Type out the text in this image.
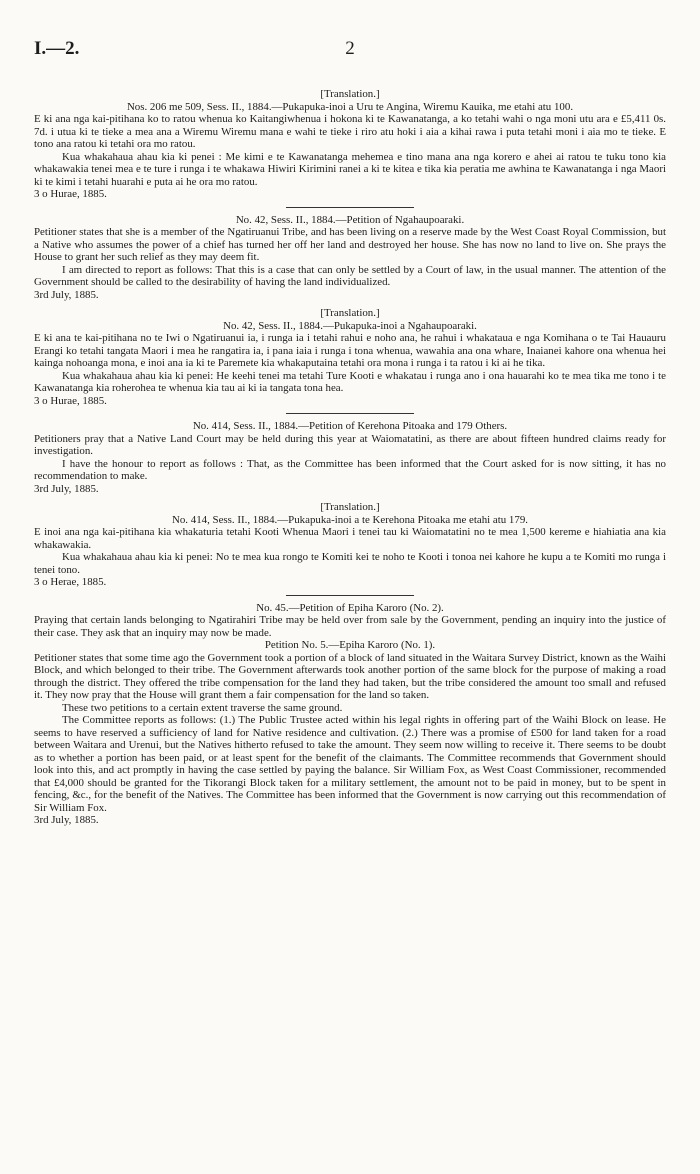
I.—2.	2

[Translation.]

Nos. 206 me 509, Sess. II., 1884.—Pukapuka-inoi a Uru te Angina, Wiremu Kauika, me etahi atu 100.

E ki ana nga kai-pitihana ko to ratou whenua ko Kaitangiwhenua i hokona ki te Kawanatanga, a ko tetahi wahi o nga moni utu ara e £5,411 0s. 7d. i utua ki te tieke a mea ana a Wiremu Wiremu mana e wahi te tieke i riro atu hoki i aia a kihai rawa i puta tetahi moni i aia mo te tieke. E tono ana ratou ki tetahi ora mo ratou.

Kua whakahaua ahau kia ki penei : Me kimi e te Kawanatanga mehemea e tino mana ana nga korero e ahei ai ratou te tuku tono kia whakawakia tenei mea e te ture i runga i te whakawa Hiwiri Kirimini ranei a ki te kitea e tika kia peratia me awhina te Kawanatanga i nga Maori ki te kimi i tetahi huarahi e puta ai he ora mo ratou.

3 o Hurae, 1885.

No. 42, Sess. II., 1884.—Petition of Ngahaupoaraki.

Petitioner states that she is a member of the Ngatiruanui Tribe, and has been living on a reserve made by the West Coast Royal Commission, but a Native who assumes the power of a chief has turned her off her land and destroyed her house. She has now no land to live on. She prays the House to grant her such relief as they may deem fit.

I am directed to report as follows: That this is a case that can only be settled by a Court of law, in the usual manner. The attention of the Government should be called to the desirability of having the land individualized.

3rd July, 1885.

[Translation.]

No. 42, Sess. II., 1884.—Pukapuka-inoi a Ngahaupoaraki.

E ki ana te kai-pitihana no te Iwi o Ngatiruanui ia, i runga ia i tetahi rahui e noho ana, he rahui i whakataua e nga Komihana o te Tai Hauauru Erangi ko tetahi tangata Maori i mea he rangatira ia, i pana iaia i runga i tona whenua, wawahia ana ona whare, Inaianei kahore ona whenua hei kainga nohoanga mona, e inoi ana ia ki te Paremete kia whakaputaina tetahi ora mona i runga i ta ratou i ki ai he tika.

Kua whakahaua ahau kia ki penei: He keehi tenei ma tetahi Ture Kooti e whakatau i runga ano i ona hauarahi ko te mea tika me tono i te Kawanatanga kia roherohea te whenua kia tau ai ki ia tangata tona hea.

3 o Hurae, 1885.

No. 414, Sess. II., 1884.—Petition of Kerehona Pitoaka and 179 Others.

Petitioners pray that a Native Land Court may be held during this year at Waiomatatini, as there are about fifteen hundred claims ready for investigation.

I have the honour to report as follows : That, as the Committee has been informed that the Court asked for is now sitting, it has no recommendation to make.

3rd July, 1885.

[Translation.]

No. 414, Sess. II., 1884.—Pukapuka-inoi a te Kerehona Pitoaka me etahi atu 179.

E inoi ana nga kai-pitihana kia whakaturia tetahi Kooti Whenua Maori i tenei tau ki Waiomatatini no te mea 1,500 kereme e hiahiatia ana kia whakawakia.

Kua whakahaua ahau kia ki penei: No te mea kua rongo te Komiti kei te noho te Kooti i tonoa nei kahore he kupu a te Komiti mo runga i tenei tono.

3 o Herae, 1885.

No. 45.—Petition of Epiha Karoro (No. 2).

Praying that certain lands belonging to Ngatirahiri Tribe may be held over from sale by the Government, pending an inquiry into the justice of their case. They ask that an inquiry may now be made.

Petition No. 5.—Epiha Karoro (No. 1).

Petitioner states that some time ago the Government took a portion of a block of land situated in the Waitara Survey District, known as the Waihi Block, and which belonged to their tribe. The Government afterwards took another portion of the same block for the purpose of making a road through the district. They offered the tribe compensation for the land they had taken, but the tribe considered the amount too small and refused it. They now pray that the House will grant them a fair compensation for the land so taken.

These two petitions to a certain extent traverse the same ground.

The Committee reports as follows: (1.) The Public Trustee acted within his legal rights in offering part of the Waihi Block on lease. He seems to have reserved a sufficiency of land for Native residence and cultivation. (2.) There was a promise of £500 for land taken for a road between Waitara and Urenui, but the Natives hitherto refused to take the amount. They seem now willing to receive it. There seems to be doubt as to whether a portion has been paid, or at least spent for the benefit of the claimants. The Committee recommends that Government should look into this, and act promptly in having the case settled by paying the balance. Sir William Fox, as West Coast Commissioner, recommended that £4,000 should be granted for the Tikorangi Block taken for a military settlement, the amount not to be paid in money, but to be spent in fencing, &c., for the benefit of the Natives. The Committee has been informed that the Government is now carrying out this recommendation of Sir William Fox.

3rd July, 1885.
